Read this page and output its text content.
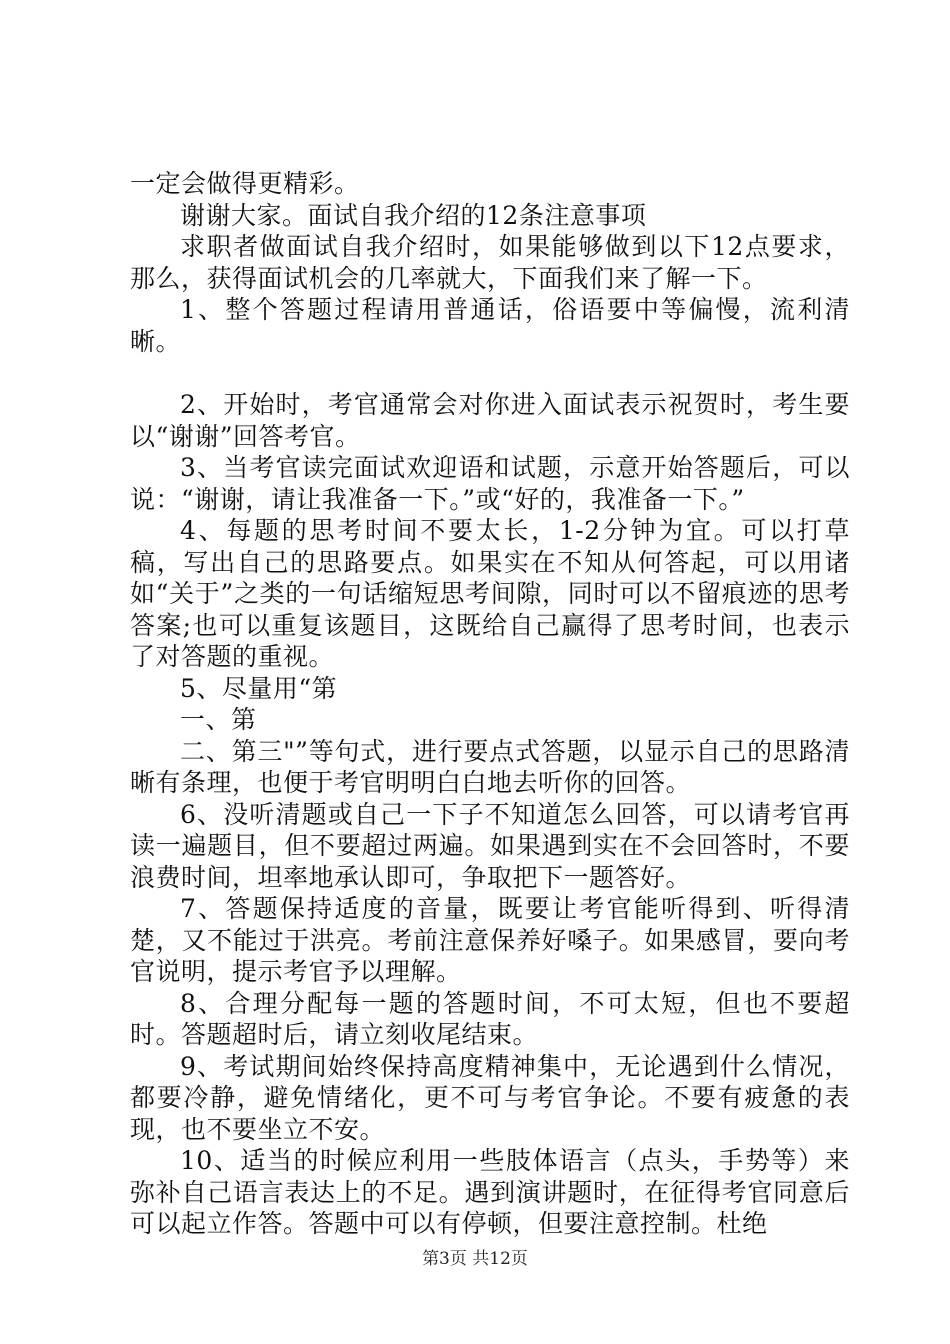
一定会做得更精彩。

谢谢大家。面试自我介绍的12条注意事项

求职者做面试自我介绍时，如果能够做到以下12点要求，那么，获得面试机会的几率就大，下面我们来了解一下。

1、整个答题过程请用普通话，俗语要中等偏慢，流利清晰。

2、开始时，考官通常会对你进入面试表示祝贺时，考生要以“谢谢”回答考官。

3、当考官读完面试欢迎语和试题，示意开始答题后，可以说：“谢谢，请让我准备一下。”或“好的，我准备一下。”

4、每题的思考时间不要太长，1-2分钟为宜。可以打草稿，写出自己的思路要点。如果实在不知从何答起，可以用诸如“关于”之类的一句话缩短思考间隙，同时可以不留痕迹的思考答案;也可以重复该题目，这既给自己赢得了思考时间，也表示了对答题的重视。

5、尽量用“第

一、第

二、第三"”等句式，进行要点式答题，以显示自己的思路清晰有条理，也便于考官明明白白地去听你的回答。

6、没听清题或自己一下子不知道怎么回答，可以请考官再读一遍题目，但不要超过两遍。如果遇到实在不会回答时，不要浪费时间，坦率地承认即可，争取把下一题答好。

7、答题保持适度的音量，既要让考官能听得到、听得清楚，又不能过于洪亮。考前注意保养好嗓子。如果感冒，要向考官说明，提示考官予以理解。

8、合理分配每一题的答题时间，不可太短，但也不要超时。答题超时后，请立刻收尾结束。

9、考试期间始终保持高度精神集中，无论遇到什么情况，都要冷静，避免情绪化，更不可与考官争论。不要有疲惫的表现，也不要坐立不安。

10、适当的时候应利用一些肢体语言（点头，手势等）来弥补自己语言表达上的不足。遇到演讲题时，在征得考官同意后可以起立作答。答题中可以有停顿，但要注意控制。杜绝

第3页 共12页
